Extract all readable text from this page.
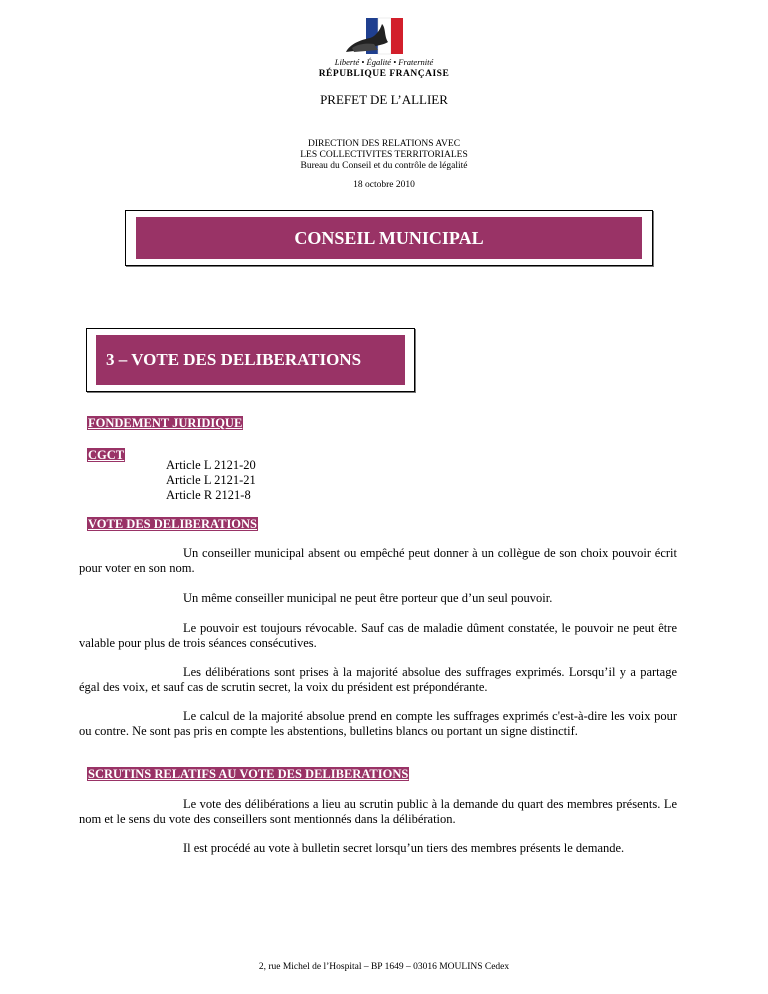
Liberté • Égalité • Fraternité
RÉPUBLIQUE FRANÇAISE
PREFET DE L’ALLIER
DIRECTION DES RELATIONS AVEC
LES COLLECTIVITES TERRITORIALES
Bureau du Conseil et du contrôle de légalité
18 octobre 2010
CONSEIL MUNICIPAL
3 – VOTE DES DELIBERATIONS
FONDEMENT JURIDIQUE
CGCT
Article L 2121-20
Article L 2121-21
Article R 2121-8
VOTE DES DELIBERATIONS

Un conseiller municipal absent ou empêché peut donner à un collègue de son choix pouvoir écrit pour voter en son nom.

Un même conseiller municipal ne peut être porteur que d’un seul pouvoir.

Le pouvoir est toujours révocable. Sauf cas de maladie dûment constatée, le pouvoir ne peut être valable pour plus de trois séances consécutives.

Les délibérations sont prises à la majorité absolue des suffrages exprimés. Lorsqu’il y a partage égal des voix, et sauf cas de scrutin secret, la voix du président est prépondérante.

Le calcul de la majorité absolue prend en compte les suffrages exprimés c'est-à-dire les voix pour ou contre. Ne sont pas pris en compte les abstentions, bulletins blancs ou portant un signe distinctif.

SCRUTINS RELATIFS AU VOTE DES DELIBERATIONS

Le vote des délibérations a lieu au scrutin public à la demande du quart des membres présents. Le nom et le sens du vote des conseillers sont mentionnés dans la délibération.

Il est procédé au vote à bulletin secret lorsqu’un tiers des membres présents le demande.

2, rue Michel de l’Hospital – BP 1649 – 03016 MOULINS Cedex
